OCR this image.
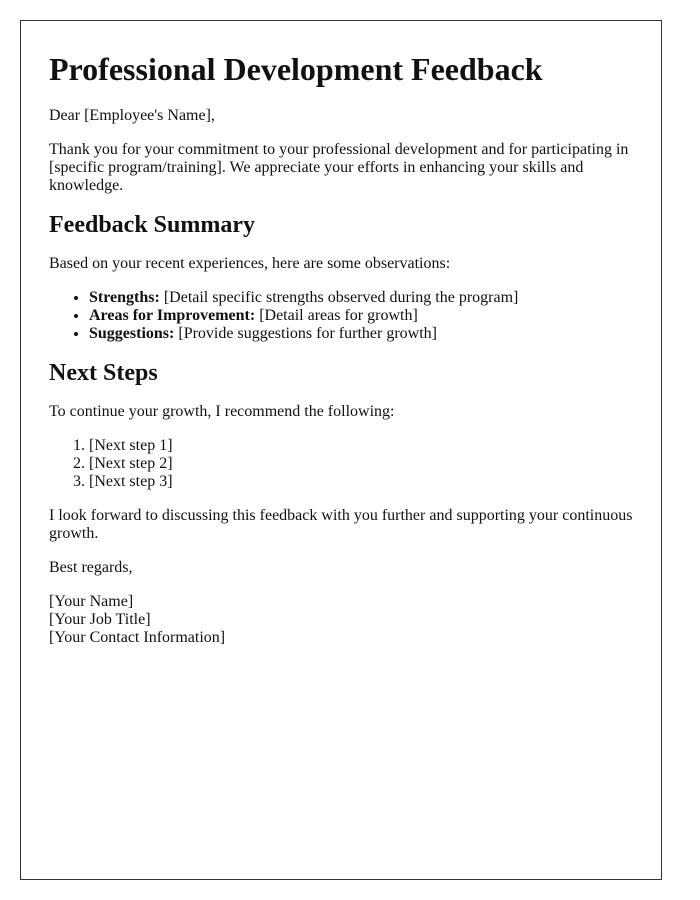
Professional Development Feedback

Dear [Employee's Name],

Thank you for your commitment to your professional development and for participating in [specific program/training]. We appreciate your efforts in enhancing your skills and knowledge.

Feedback Summary

Based on your recent experiences, here are some observations:

• Strengths: [Detail specific strengths observed during the program]
• Areas for Improvement: [Detail areas for growth]
• Suggestions: [Provide suggestions for further growth]
Next Steps

To continue your growth, I recommend the following:

1. [Next step 1]
2. [Next step 2]
3. [Next step 3]

I look forward to discussing this feedback with you further and supporting your continuous growth.

Best regards,

[Your Name]
[Your Job Title]
[Your Contact Information]
